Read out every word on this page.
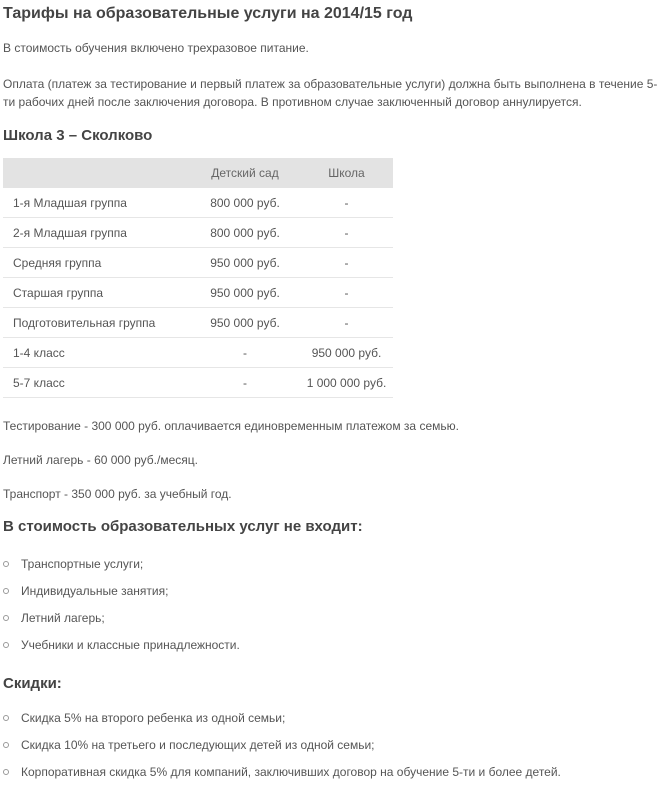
Тарифы на образовательные услуги на 2014/15 год

В стоимость обучения включено трехразовое питание.

Оплата (платеж за тестирование и первый платеж за образовательные услуги) должна быть выполнена в течение 5-ти рабочих дней после заключения договора. В противном случае заключенный договор аннулируется.

Школа 3 – Сколково
	Детский сад	Школа
1-я Младшая группа	800 000 руб.	-
2-я Младшая группа	800 000 руб.	-
Средняя группа	950 000 руб.	-
Старшая группа	950 000 руб.	-
Подготовительная группа	950 000 руб.	-
1-4 класс	-	950 000 руб.
5-7 класс	-	1 000 000 руб.

Тестирование - 300 000 руб. оплачивается единовременным платежом за семью.

Летний лагерь - 60 000 руб./месяц.

Транспорт - 350 000 руб. за учебный год.

В стоимость образовательных услуг не входит:
Транспортные услуги;
Индивидуальные занятия;
Летний лагерь;
Учебники и классные принадлежности.
Скидки:
Скидка 5% на второго ребенка из одной семьи;
Скидка 10% на третьего и последующих детей из одной семьи;
Корпоративная скидка 5% для компаний, заключивших договор на обучение 5-ти и более детей.
